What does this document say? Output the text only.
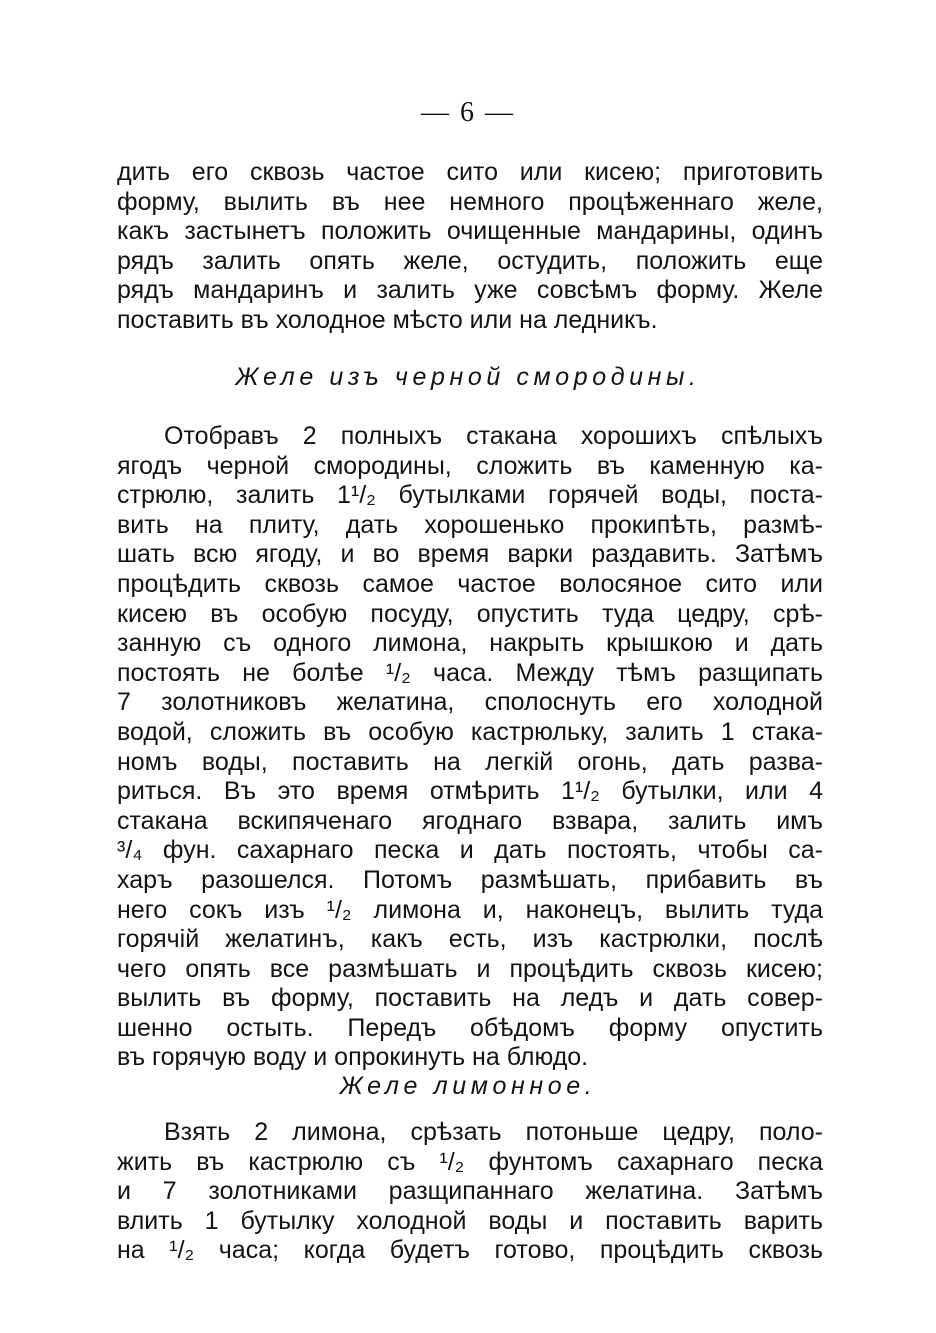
— 6 —
дить его сквозь частое сито или кисею; приготовить
форму, вылить въ нее немного процѣженнаго желе,
какъ застынетъ положить очищенные мандарины, одинъ
рядъ залить опять желе, остудить, положить еще
рядъ мандаринъ и залить уже совсѣмъ форму. Желе
поставить въ холодное мѣсто или на ледникъ.
Желе изъ черной смородины.
Отобравъ 2 полныхъ стакана хорошихъ спѣлыхъ
ягодъ черной смородины, сложить въ каменную ка-
стрюлю, залить 1¹/₂ бутылками горячей воды, поста-
вить на плиту, дать хорошенько прокипѣть, размѣ-
шать всю ягоду, и во время варки раздавить. Затѣмъ
процѣдить сквозь самое частое волосяное сито или
кисею въ особую посуду, опустить туда цедру, срѣ-
занную съ одного лимона, накрыть крышкою и дать
постоять не болѣе ¹/₂ часа. Между тѣмъ разщипать
7 золотниковъ желатина, сполоснуть его холодной
водой, сложить въ особую кастрюльку, залить 1 стака-
номъ воды, поставить на легкій огонь, дать разва-
риться. Въ это время отмѣрить 1¹/₂ бутылки, или 4
стакана вскипяченаго ягоднаго взвара, залить имъ
³/₄ фун. сахарнаго песка и дать постоять, чтобы са-
харъ разошелся. Потомъ размѣшать, прибавить въ
него сокъ изъ ¹/₂ лимона и, наконецъ, вылить туда
горячій желатинъ, какъ есть, изъ кастрюлки, послѣ
чего опять все размѣшать и процѣдить сквозь кисею;
вылить въ форму, поставить на ледъ и дать совер-
шенно остыть. Передъ обѣдомъ форму опустить
въ горячую воду и опрокинуть на блюдо.
Желе лимонное.
Взять 2 лимона, срѣзать потоньше цедру, поло-
жить въ кастрюлю съ ¹/₂ фунтомъ сахарнаго песка
и 7 золотниками разщипаннаго желатина. Затѣмъ
влить 1 бутылку холодной воды и поставить варить
на ¹/₂ часа; когда будетъ готово, процѣдить сквозь
